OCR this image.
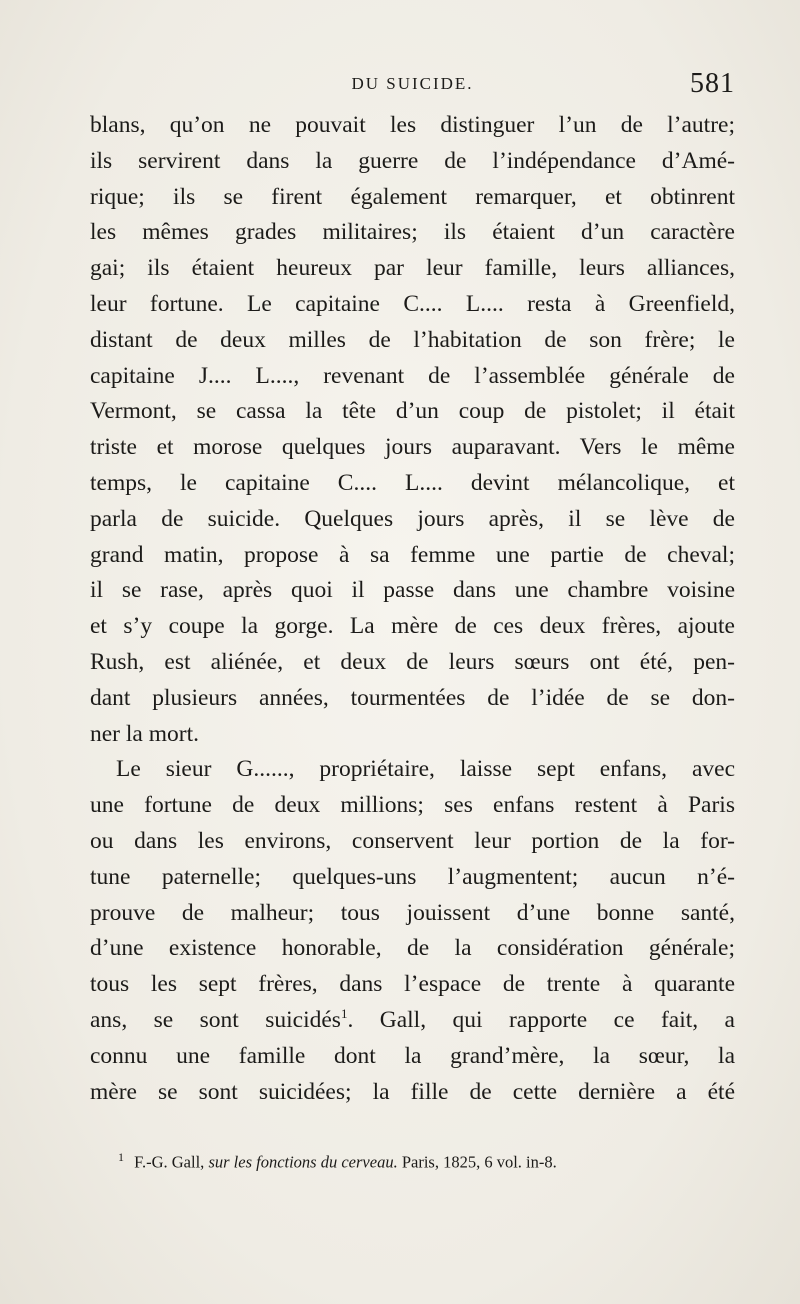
DU SUICIDE.	581
blans, qu’on ne pouvait les distinguer l’un de l’autre;
ils servirent dans la guerre de l’indépendance d’Amé-
rique; ils se firent également remarquer, et obtinrent
les mêmes grades militaires; ils étaient d’un caractère
gai; ils étaient heureux par leur famille, leurs alliances,
leur fortune. Le capitaine C.... L.... resta à Greenfield,
distant de deux milles de l’habitation de son frère; le
capitaine J.... L...., revenant de l’assemblée générale de
Vermont, se cassa la tête d’un coup de pistolet; il était
triste et morose quelques jours auparavant. Vers le même
temps, le capitaine C.... L.... devint mélancolique, et
parla de suicide. Quelques jours après, il se lève de
grand matin, propose à sa femme une partie de cheval;
il se rase, après quoi il passe dans une chambre voisine
et s’y coupe la gorge. La mère de ces deux frères, ajoute
Rush, est aliénée, et deux de leurs sœurs ont été, pen-
dant plusieurs années, tourmentées de l’idée de se don-
ner la mort.
Le sieur G......, propriétaire, laisse sept enfans, avec
une fortune de deux millions; ses enfans restent à Paris
ou dans les environs, conservent leur portion de la for-
tune paternelle; quelques-uns l’augmentent; aucun n’é-
prouve de malheur; tous jouissent d’une bonne santé,
d’une existence honorable, de la considération générale;
tous les sept frères, dans l’espace de trente à quarante
ans, se sont suicidés$^1$. Gall, qui rapporte ce fait, a
connu une famille dont la grand’mère, la sœur, la
mère se sont suicidées; la fille de cette dernière a été
$^1$ F.-G. Gall, sur les fonctions du cerveau. Paris, 1825, 6 vol. in-8.
